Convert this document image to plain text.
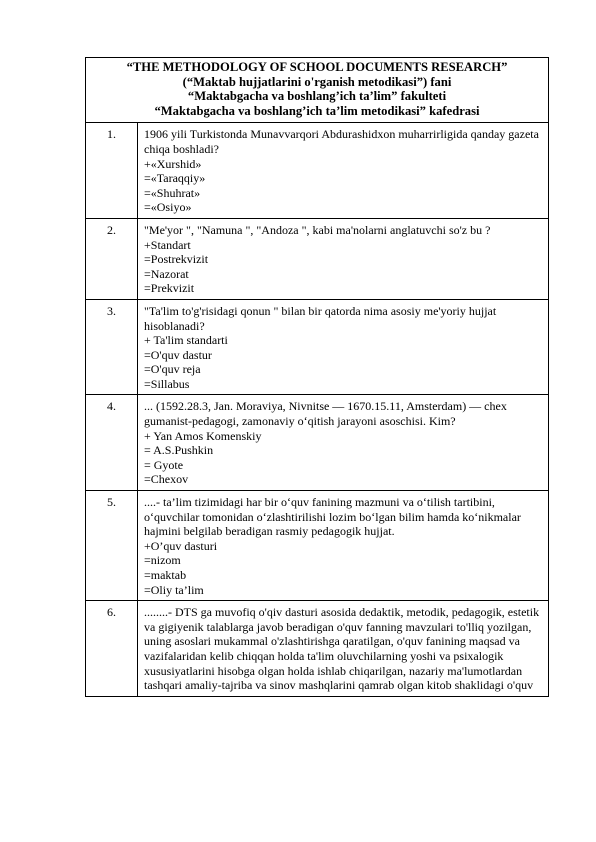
“THE METHODOLOGY OF SCHOOL DOCUMENTS RESEARCH”
(“Maktab hujjatlarini o'rganish metodikasi”) fani
“Maktabgacha va boshlang’ich ta’lim” fakulteti
“Maktabgacha va boshlang’ich ta’lim metodikasi” kafedrasi	

1.	1906 yili Turkistonda Munavvarqori Abdurashidxon muharrirligida qanday gazeta chiqa boshladi?
+«Xurshid»
=«Taraqqiy»
=«Shuhrat»
=«Osiyo»

2.	"Me'yor ", "Namuna ", "Andoza ", kabi ma'nolarni anglatuvchi so'z bu ?
+Standart
=Postrekvizit
=Nazorat
=Prekvizit

3.	"Ta'lim to'g'risidagi qonun " bilan bir qatorda nima asosiy me'yoriy hujjat hisoblanadi?
+ Ta'lim standarti
=O'quv dastur
=O'quv reja
=Sillabus

4.	... (1592.28.3, Jan. Moraviya, Nivnitse — 1670.15.11, Amsterdam) — chex gumanist-pedagogi, zamonaviy o‘qitish jarayoni asoschisi. Kim?
+ Yan Amos Komenskiy
= A.S.Pushkin
= Gyote
=Chexov

5.	....- ta’lim tizimidagi har bir o‘quv fanining mazmuni va o‘tilish tartibini, o‘quvchilar tomonidan o‘zlashtirilishi lozim bo‘lgan bilim hamda ko‘nikmalar hajmini belgilab beradigan rasmiy pedagogik hujjat.
+O’quv dasturi
=nizom
=maktab
=Oliy ta’lim

6.	........- DTS ga muvofiq o'qiv dasturi asosida dedaktik, metodik, pedagogik, estetik va gigiyenik talablarga javob beradigan o'quv fanning mavzulari to'lliq yozilgan, uning asoslari mukammal o'zlashtirishga qaratilgan, o'quv fanining maqsad va vazifalaridan kelib chiqqan holda ta'lim oluvchilarning yoshi va psixalogik xususiyatlarini hisobga olgan holda ishlab chiqarilgan, nazariy ma'lumotlardan tashqari amaliy-tajriba va sinov mashqlarini qamrab olgan kitob shaklidagi o'quv
